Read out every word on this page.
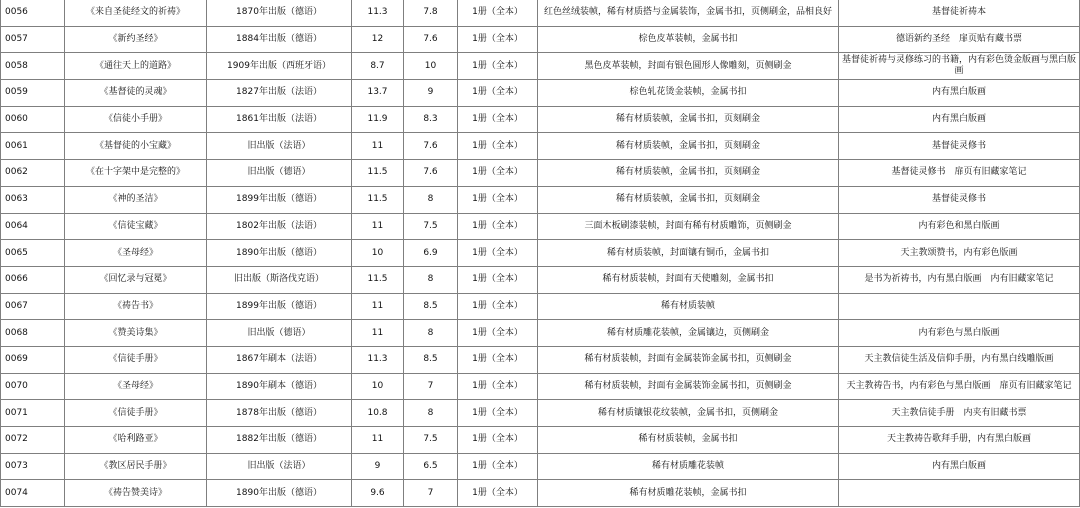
0056	《来自圣徒经文的祈祷》	1870年出版（德语）	11.3	7.8	1册（全本）	红色丝绒装帧，稀有材质搭与金属装饰，金属书扣，页侧刷金，品相良好	基督徒祈祷本
0057	《新约圣经》	1884年出版（德语）	12	7.6	1册（全本）	棕色皮革装帧，金属书扣	德语新约圣经　扉页贴有藏书票
0058	《通往天上的道路》	1909年出版（西班牙语）	8.7	10	1册（全本）	黑色皮革装帧，封面有银色圆形人像雕刻，页侧刷金	基督徒祈祷与灵修练习的书籍，内有彩色烫金版画与黑白版画
0059	《基督徒的灵魂》	1827年出版（法语）	13.7	9	1册（全本）	棕色轧花烫金装帧，金属书扣	内有黑白版画
0060	《信徒小手册》	1861年出版（法语）	11.9	8.3	1册（全本）	稀有材质装帧，金属书扣，页刻刷金	内有黑白版画
0061	《基督徒的小宝藏》	旧出版（法语）	11	7.6	1册（全本）	稀有材质装帧，金属书扣，页刻刷金	基督徒灵修书
0062	《在十字架中是完整的》	旧出版（德语）	11.5	7.6	1册（全本）	稀有材质装帧，金属书扣，页刻刷金	基督徒灵修书　扉页有旧藏家笔记
0063	《神的圣洁》	1899年出版（德语）	11.5	8	1册（全本）	稀有材质装帧，金属书扣，页刻刷金	基督徒灵修书
0064	《信徒宝藏》	1802年出版（法语）	11	7.5	1册（全本）	三面木板刷漆装帧，封面有稀有材质雕饰，页侧刷金	内有彩色和黑白版画
0065	《圣母经》	1890年出版（德语）	10	6.9	1册（全本）	稀有材质装帧，封面镶有铜币，金属书扣	天主教颂赞书，内有彩色版画
0066	《回忆录与冠冕》	旧出版（斯洛伐克语）	11.5	8	1册（全本）	稀有材质装帧，封面有天使雕刻，金属书扣	是书为祈祷书，内有黑白版画　内有旧藏家笔记
0067	《祷告书》	1899年出版（德语）	11	8.5	1册（全本）	稀有材质装帧	
0068	《赞美诗集》	旧出版（德语）	11	8	1册（全本）	稀有材质雕花装帧，金属镶边，页侧刷金	内有彩色与黑白版画
0069	《信徒手册》	1867年刷本（法语）	11.3	8.5	1册（全本）	稀有材质装帧，封面有金属装饰金属书扣，页侧刷金	天主教信徒生活及信仰手册，内有黑白线雕版画
0070	《圣母经》	1890年刷本（德语）	10	7	1册（全本）	稀有材质装帧，封面有金属装饰金属书扣，页侧刷金	天主教祷告书，内有彩色与黑白版画　扉页有旧藏家笔记
0071	《信徒手册》	1878年出版（德语）	10.8	8	1册（全本）	稀有材质镶银花纹装帧，金属书扣，页侧刷金	天主教信徒手册　内夹有旧藏书票
0072	《哈利路亚》	1882年出版（德语）	11	7.5	1册（全本）	稀有材质装帧，金属书扣	天主教祷告歌拜手册，内有黑白版画
0073	《教区居民手册》	旧出版（法语）	9	6.5	1册（全本）	稀有材质雕花装帧	内有黑白版画
0074	《祷告赞美诗》	1890年出版（德语）	9.6	7	1册（全本）	稀有材质雕花装帧，金属书扣	
